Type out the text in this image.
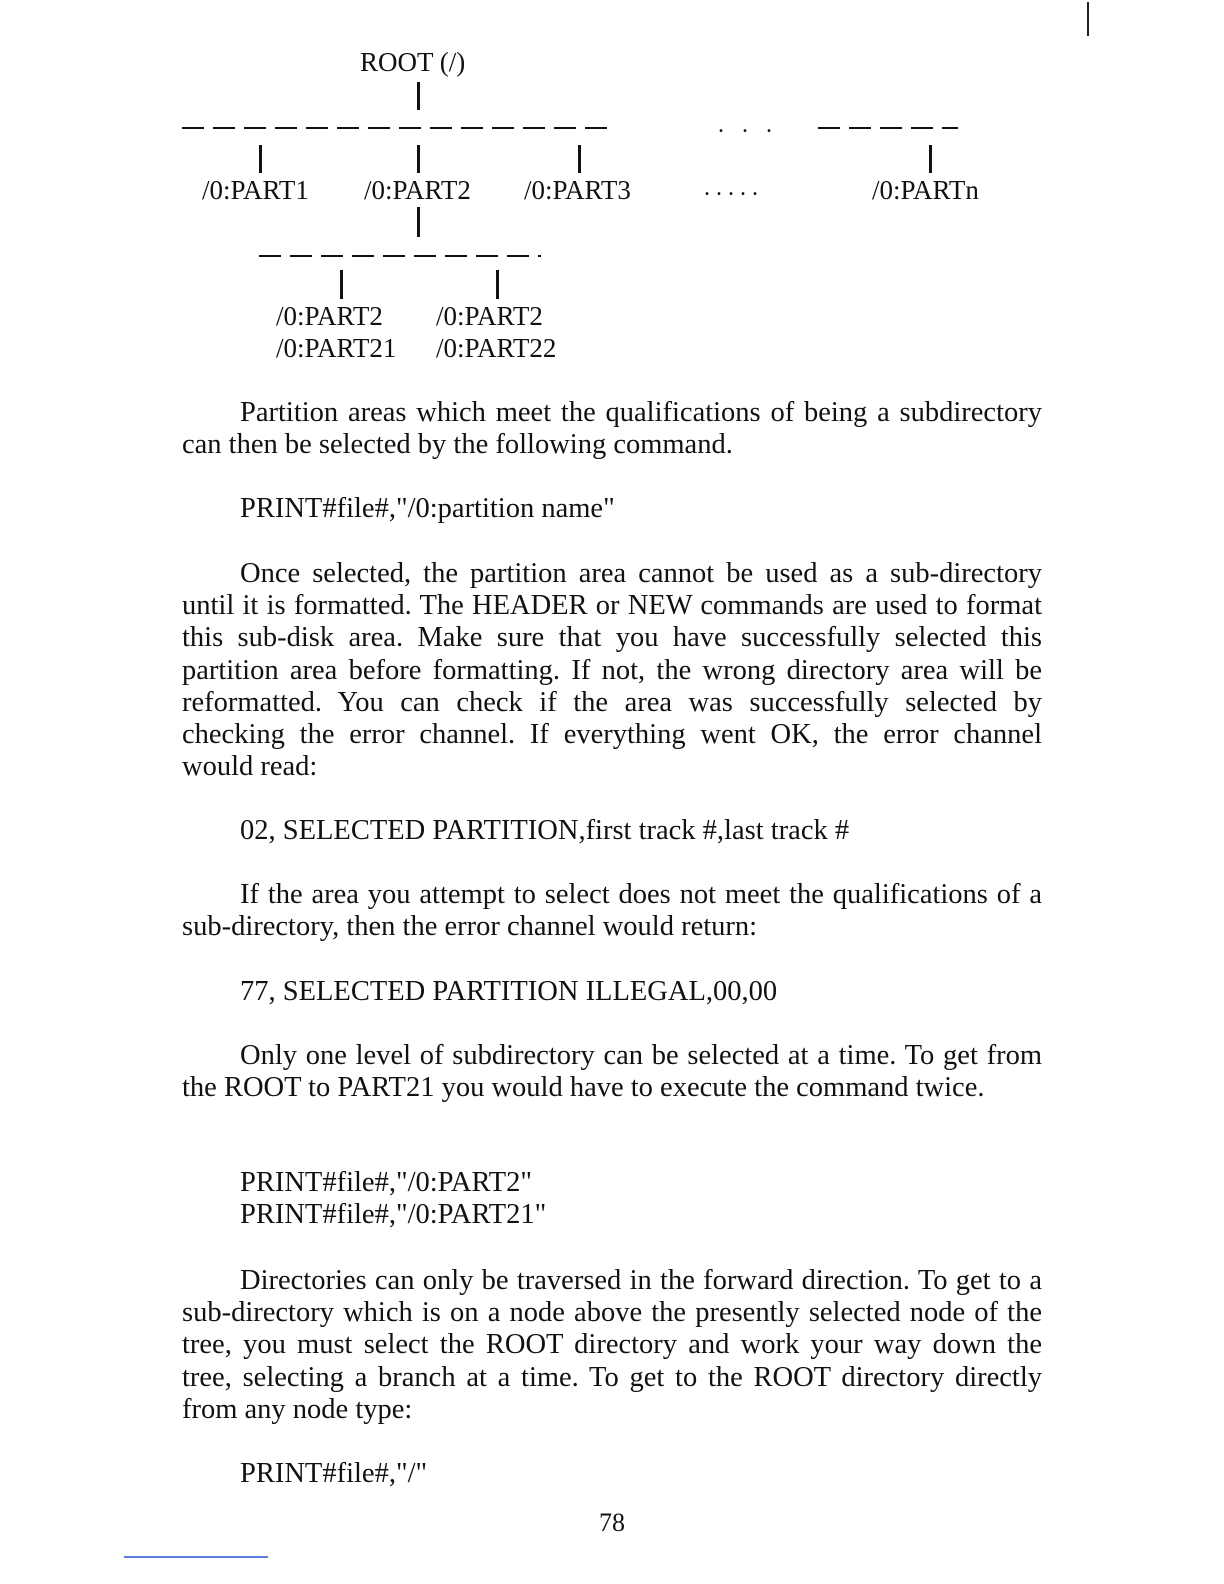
ROOT (/)
. . .
/0:PART1 /0:PART2 /0:PART3	.....	/0:PARTn
/0:PART2
/0:PART21
/0:PART2
/0:PART22

Partition areas which meet the qualifications of being a subdirectory can then be selected by the following command.

PRINT#file#,"/0:partition name"

Once selected, the partition area cannot be used as a sub-directory until it is formatted. The HEADER or NEW commands are used to format this sub-disk area. Make sure that you have successfully selected this partition area before formatting. If not, the wrong directory area will be reformatted. You can check if the area was successfully selected by checking the error channel. If everything went OK, the error channel would read:

02, SELECTED PARTITION,first track #,last track #

If the area you attempt to select does not meet the qualifications of a sub-directory, then the error channel would return:

77, SELECTED PARTITION ILLEGAL,00,00

Only one level of subdirectory can be selected at a time. To get from the ROOT to PART21 you would have to execute the command twice.

PRINT#file#,"/0:PART2"
PRINT#file#,"/0:PART21"

Directories can only be traversed in the forward direction. To get to a sub-directory which is on a node above the presently selected node of the tree, you must select the ROOT directory and work your way down the tree, selecting a branch at a time. To get to the ROOT directory directly from any node type:

PRINT#file#,"/"

78
